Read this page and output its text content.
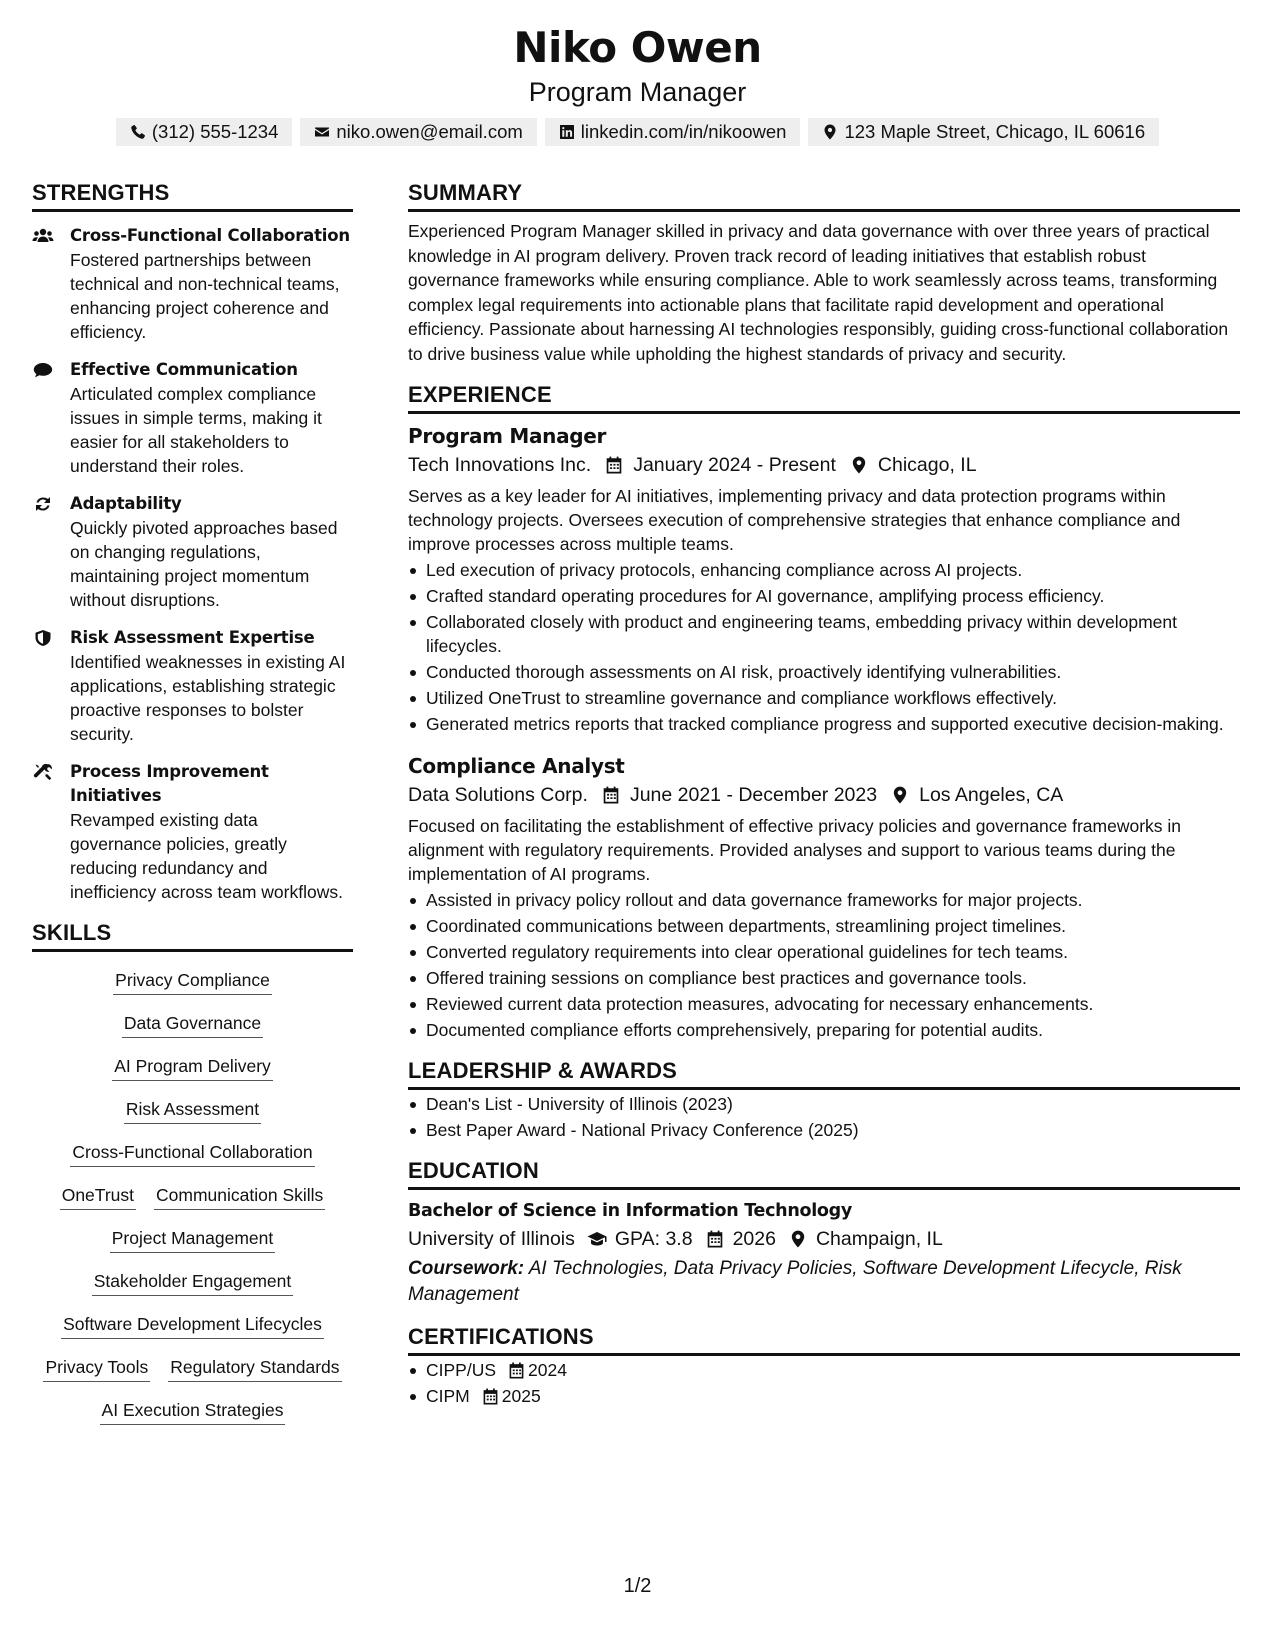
Niko Owen
Program Manager
(312) 555-1234	niko.owen@email.com	linkedin.com/in/nikoowen	123 Maple Street, Chicago, IL 60616
STRENGTHS
Cross-Functional Collaboration
Fostered partnerships between technical and non-technical teams, enhancing project coherence and efficiency.
Effective Communication
Articulated complex compliance issues in simple terms, making it easier for all stakeholders to understand their roles.
Adaptability
Quickly pivoted approaches based on changing regulations, maintaining project momentum without disruptions.
Risk Assessment Expertise
Identified weaknesses in existing AI applications, establishing strategic proactive responses to bolster security.
Process Improvement Initiatives
Revamped existing data governance policies, greatly reducing redundancy and inefficiency across team workflows.
SKILLS
Privacy Compliance
Data Governance
AI Program Delivery
Risk Assessment
Cross-Functional Collaboration
OneTrust Communication Skills
Project Management
Stakeholder Engagement
Software Development Lifecycles
Privacy Tools Regulatory Standards
AI Execution Strategies
SUMMARY
Experienced Program Manager skilled in privacy and data governance with over three years of practical knowledge in AI program delivery. Proven track record of leading initiatives that establish robust governance frameworks while ensuring compliance. Able to work seamlessly across teams, transforming complex legal requirements into actionable plans that facilitate rapid development and operational efficiency. Passionate about harnessing AI technologies responsibly, guiding cross-functional collaboration to drive business value while upholding the highest standards of privacy and security.
EXPERIENCE
Program Manager
Tech Innovations Inc. January 2024 - Present Chicago, IL
Serves as a key leader for AI initiatives, implementing privacy and data protection programs within technology projects. Oversees execution of comprehensive strategies that enhance compliance and improve processes across multiple teams.
Led execution of privacy protocols, enhancing compliance across AI projects.
Crafted standard operating procedures for AI governance, amplifying process efficiency.
Collaborated closely with product and engineering teams, embedding privacy within development lifecycles.
Conducted thorough assessments on AI risk, proactively identifying vulnerabilities.
Utilized OneTrust to streamline governance and compliance workflows effectively.
Generated metrics reports that tracked compliance progress and supported executive decision-making.
Compliance Analyst
Data Solutions Corp. June 2021 - December 2023 Los Angeles, CA
Focused on facilitating the establishment of effective privacy policies and governance frameworks in alignment with regulatory requirements. Provided analyses and support to various teams during the implementation of AI programs.
Assisted in privacy policy rollout and data governance frameworks for major projects.
Coordinated communications between departments, streamlining project timelines.
Converted regulatory requirements into clear operational guidelines for tech teams.
Offered training sessions on compliance best practices and governance tools.
Reviewed current data protection measures, advocating for necessary enhancements.
Documented compliance efforts comprehensively, preparing for potential audits.
LEADERSHIP & AWARDS
Dean's List - University of Illinois (2023)
Best Paper Award - National Privacy Conference (2025)
EDUCATION
Bachelor of Science in Information Technology
University of Illinois GPA: 3.8 2026 Champaign, IL
Coursework: AI Technologies, Data Privacy Policies, Software Development Lifecycle, Risk Management
CERTIFICATIONS
CIPP/US 2024
CIPM 2025
1/2
